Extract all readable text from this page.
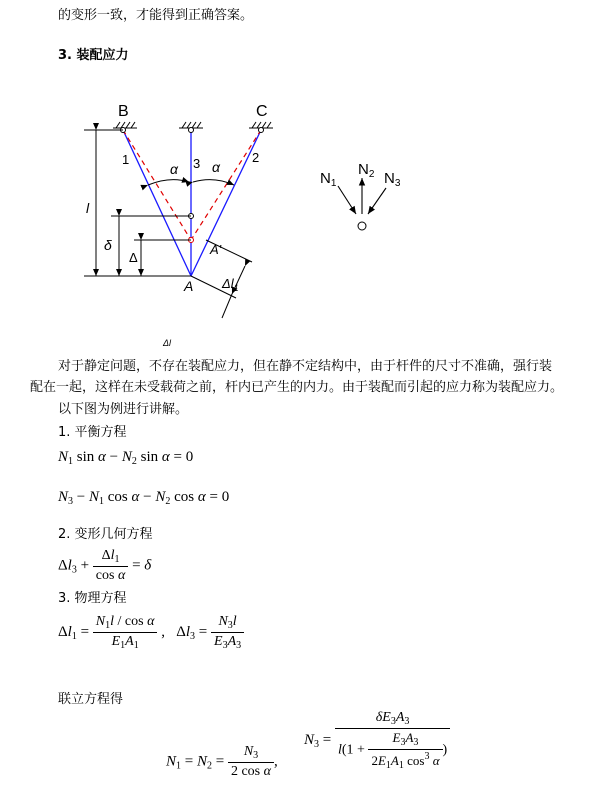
的变形一致，才能得到正确答案。
3. 装配应力
B	C
1	3	2
α α
l
δ
Δ
A
A'
$\Delta l_1$
$N_1$
$N_2$ $N_3$
Δl
对于静定问题，不存在装配应力，但在静不定结构中，由于杆件的尺寸不准确，强行装
配在一起，这样在未受载荷之前，杆内已产生的内力。由于装配而引起的应力称为装配应力。
以下图为例进行讲解。
1. 平衡方程
$N_1$ $\sin \alpha - N_2$ sin α = 0
$N_3 - N_1$ $\cos \alpha - N_2$ cos α = 0
2. 变形几何方程
$\Delta l_3 + \frac{\Delta l_1}{\text{cos α}} = \delta$
3. 物理方程
$\Delta l_1 = \frac{N_1l / \cos \alpha}{E_1A_1}$ ,   $\Delta l_3 = \frac{N_3l}{E_3A_3}$
联立方程得
$N_1 = N_2 = \frac{N_3}{\text{2 cos α}}$ ,
$N_3 = \frac{\delta E_3A_3}{l(1 + \frac{E_3A_3}{2E_1A_1 \cos^3 \alpha} )}$
